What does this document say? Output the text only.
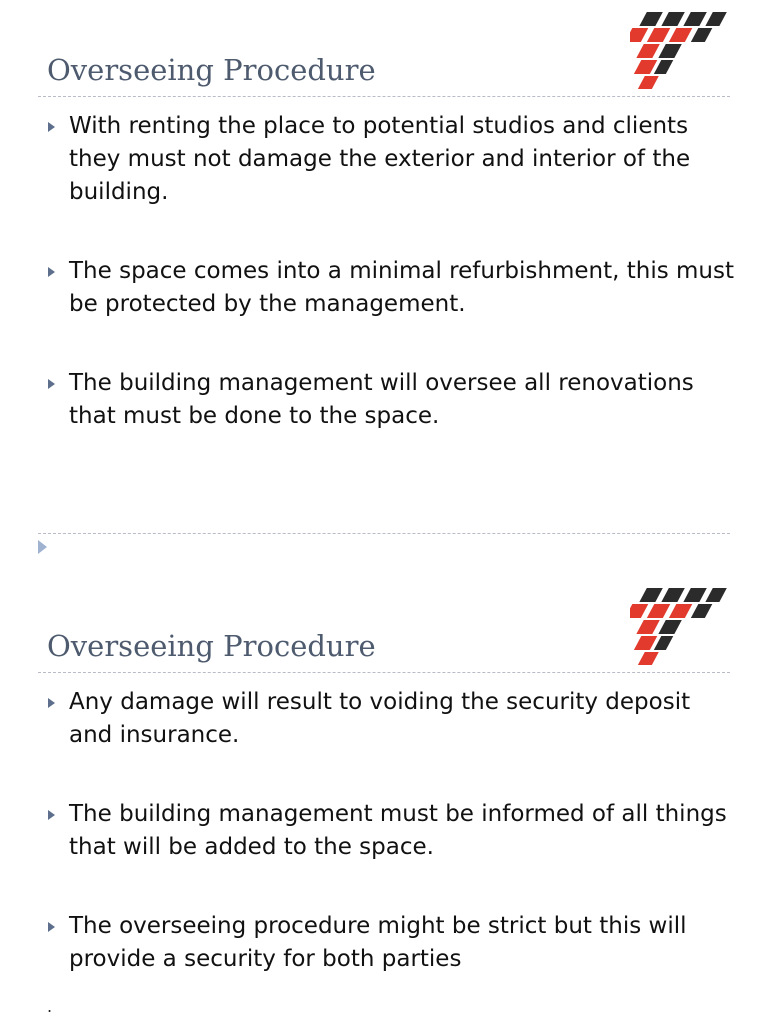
Overseeing Procedure
With renting the place to potential studios and clients they must not damage the exterior and interior of the building.
The space comes into a minimal refurbishment, this must be protected by the management.
The building management will oversee all renovations that must be done to the space.
Overseeing Procedure
Any damage will result to voiding the security deposit and insurance.
The building management must be informed of all things that will be added to the space.
The overseeing procedure might be strict but this will provide a security for both parties
.
